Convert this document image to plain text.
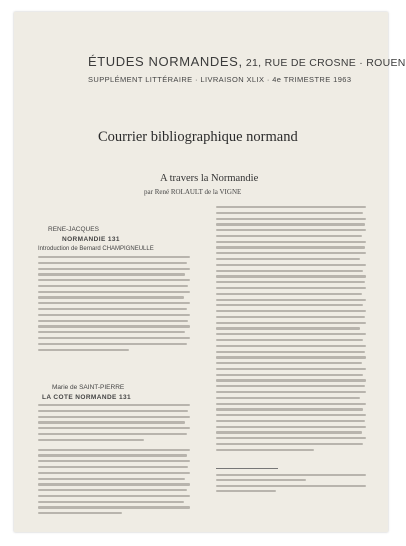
ÉTUDES NORMANDES, 21, RUE DE CROSNE · ROUEN
SUPPLÉMENT LITTÉRAIRE · LIVRAISON XLIX · 4e TRIMESTRE 1963
Courrier bibliographique normand
A travers la Normandie
par René ROLAULT de la VIGNE
RENE-JACQUES
NORMANDIE 131
Introduction de Bernard CHAMPIGNEULLE
Marie de SAINT-PIERRE
LA COTE NORMANDE 131
